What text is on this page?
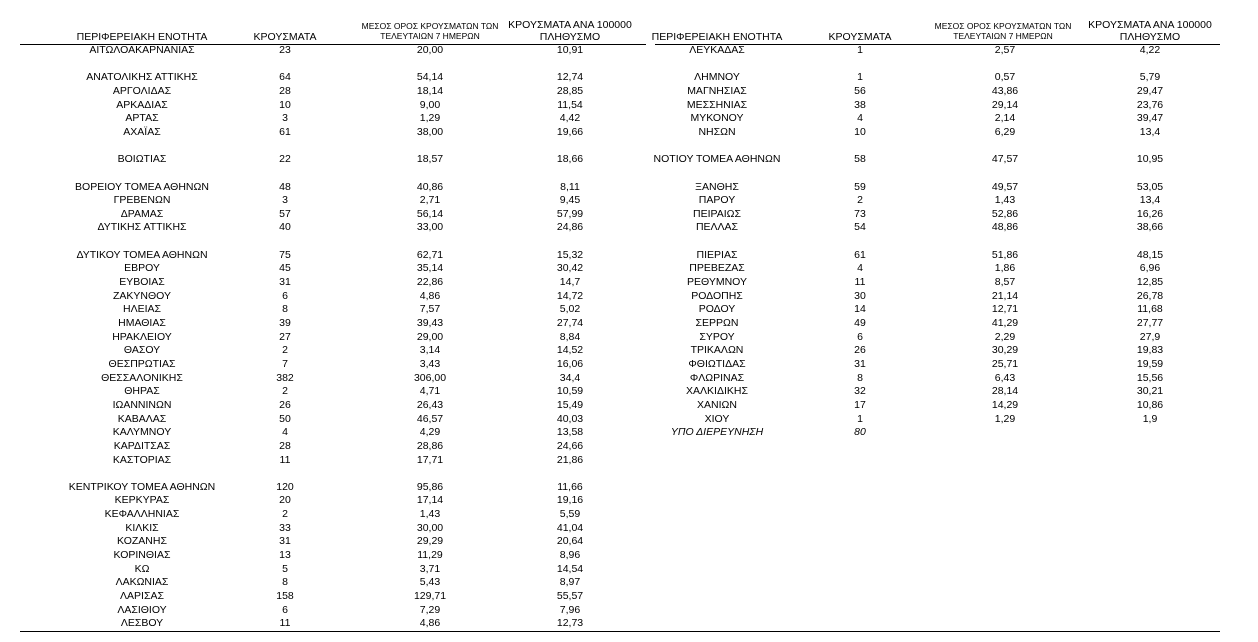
ΠΕΡΙΦΕΡΕΙΑΚΗ ΕΝΟΤΗΤΑ	ΚΡΟΥΣΜΑΤΑ
ΜΕΣΟΣ ΟΡΟΣ ΚΡΟΥΣΜΑΤΩΝ ΤΩΝ
ΤΕΛΕΥΤΑΙΩΝ 7 ΗΜΕΡΩΝ
ΚΡΟΥΣΜΑΤΑ ΑΝΑ 100000
ΠΛΗΘΥΣΜΟ
ΑΙΤΩΛΟΑΚΑΡΝΑΝΙΑΣ	23	20,00	10,91
ΑΝΑΤΟΛΙΚΗΣ ΑΤΤΙΚΗΣ	64	54,14	12,74
ΑΡΓΟΛΙΔΑΣ	28	18,14	28,85
ΑΡΚΑΔΙΑΣ	10	9,00	11,54
ΑΡΤΑΣ	3	1,29	4,42
ΑΧΑΪΑΣ	61	38,00	19,66
ΒΟΙΩΤΙΑΣ	22	18,57	18,66
ΒΟΡΕΙΟΥ ΤΟΜΕΑ ΑΘΗΝΩΝ	48	40,86	8,11
ΓΡΕΒΕΝΩΝ	3	2,71	9,45
ΔΡΑΜΑΣ	57	56,14	57,99
ΔΥΤΙΚΗΣ ΑΤΤΙΚΗΣ	40	33,00	24,86
ΔΥΤΙΚΟΥ ΤΟΜΕΑ ΑΘΗΝΩΝ	75	62,71	15,32
ΕΒΡΟΥ	45	35,14	30,42
ΕΥΒΟΙΑΣ	31	22,86	14,7
ΖΑΚΥΝΘΟΥ	6	4,86	14,72
ΗΛΕΙΑΣ	8	7,57	5,02
ΗΜΑΘΙΑΣ	39	39,43	27,74
ΗΡΑΚΛΕΙΟΥ	27	29,00	8,84
ΘΑΣΟΥ	2	3,14	14,52
ΘΕΣΠΡΩΤΙΑΣ	7	3,43	16,06
ΘΕΣΣΑΛΟΝΙΚΗΣ	382	306,00	34,4
ΘΗΡΑΣ	2	4,71	10,59
ΙΩΑΝΝΙΝΩΝ	26	26,43	15,49
ΚΑΒΑΛΑΣ	50	46,57	40,03
ΚΑΛΥΜΝΟΥ	4	4,29	13,58
ΚΑΡΔΙΤΣΑΣ	28	28,86	24,66
ΚΑΣΤΟΡΙΑΣ	11	17,71	21,86
ΚΕΝΤΡΙΚΟΥ ΤΟΜΕΑ ΑΘΗΝΩΝ	120	95,86	11,66
ΚΕΡΚΥΡΑΣ	20	17,14	19,16
ΚΕΦΑΛΛΗΝΙΑΣ	2	1,43	5,59
ΚΙΛΚΙΣ	33	30,00	41,04
ΚΟΖΑΝΗΣ	31	29,29	20,64
ΚΟΡΙΝΘΙΑΣ	13	11,29	8,96
ΚΩ	5	3,71	14,54
ΛΑΚΩΝΙΑΣ	8	5,43	8,97
ΛΑΡΙΣΑΣ	158	129,71	55,57
ΛΑΣΙΘΙΟΥ	6	7,29	7,96
ΛΕΣΒΟΥ	11	4,86	12,73
ΠΕΡΙΦΕΡΕΙΑΚΗ ΕΝΟΤΗΤΑ	ΚΡΟΥΣΜΑΤΑ
ΜΕΣΟΣ ΟΡΟΣ ΚΡΟΥΣΜΑΤΩΝ ΤΩΝ
ΤΕΛΕΥΤΑΙΩΝ 7 ΗΜΕΡΩΝ
ΚΡΟΥΣΜΑΤΑ ΑΝΑ 100000
ΠΛΗΘΥΣΜΟ
ΛΕΥΚΑΔΑΣ	1	2,57	4,22
ΛΗΜΝΟΥ	1	0,57	5,79
ΜΑΓΝΗΣΙΑΣ	56	43,86	29,47
ΜΕΣΣΗΝΙΑΣ	38	29,14	23,76
ΜΥΚΟΝΟΥ	4	2,14	39,47
ΝΗΣΩΝ	10	6,29	13,4
ΝΟΤΙΟΥ ΤΟΜΕΑ ΑΘΗΝΩΝ	58	47,57	10,95
ΞΑΝΘΗΣ	59	49,57	53,05
ΠΑΡΟΥ	2	1,43	13,4
ΠΕΙΡΑΙΩΣ	73	52,86	16,26
ΠΕΛΛΑΣ	54	48,86	38,66
ΠΙΕΡΙΑΣ	61	51,86	48,15
ΠΡΕΒΕΖΑΣ	4	1,86	6,96
ΡΕΘΥΜΝΟΥ	11	8,57	12,85
ΡΟΔΟΠΗΣ	30	21,14	26,78
ΡΟΔΟΥ	14	12,71	11,68
ΣΕΡΡΩΝ	49	41,29	27,77
ΣΥΡΟΥ	6	2,29	27,9
ΤΡΙΚΑΛΩΝ	26	30,29	19,83
ΦΘΙΩΤΙΔΑΣ	31	25,71	19,59
ΦΛΩΡΙΝΑΣ	8	6,43	15,56
ΧΑΛΚΙΔΙΚΗΣ	32	28,14	30,21
ΧΑΝΙΩΝ	17	14,29	10,86
ΧΙΟΥ	1	1,29	1,9
ΥΠΟ ΔΙΕΡΕΥΝΗΣΗ	80
